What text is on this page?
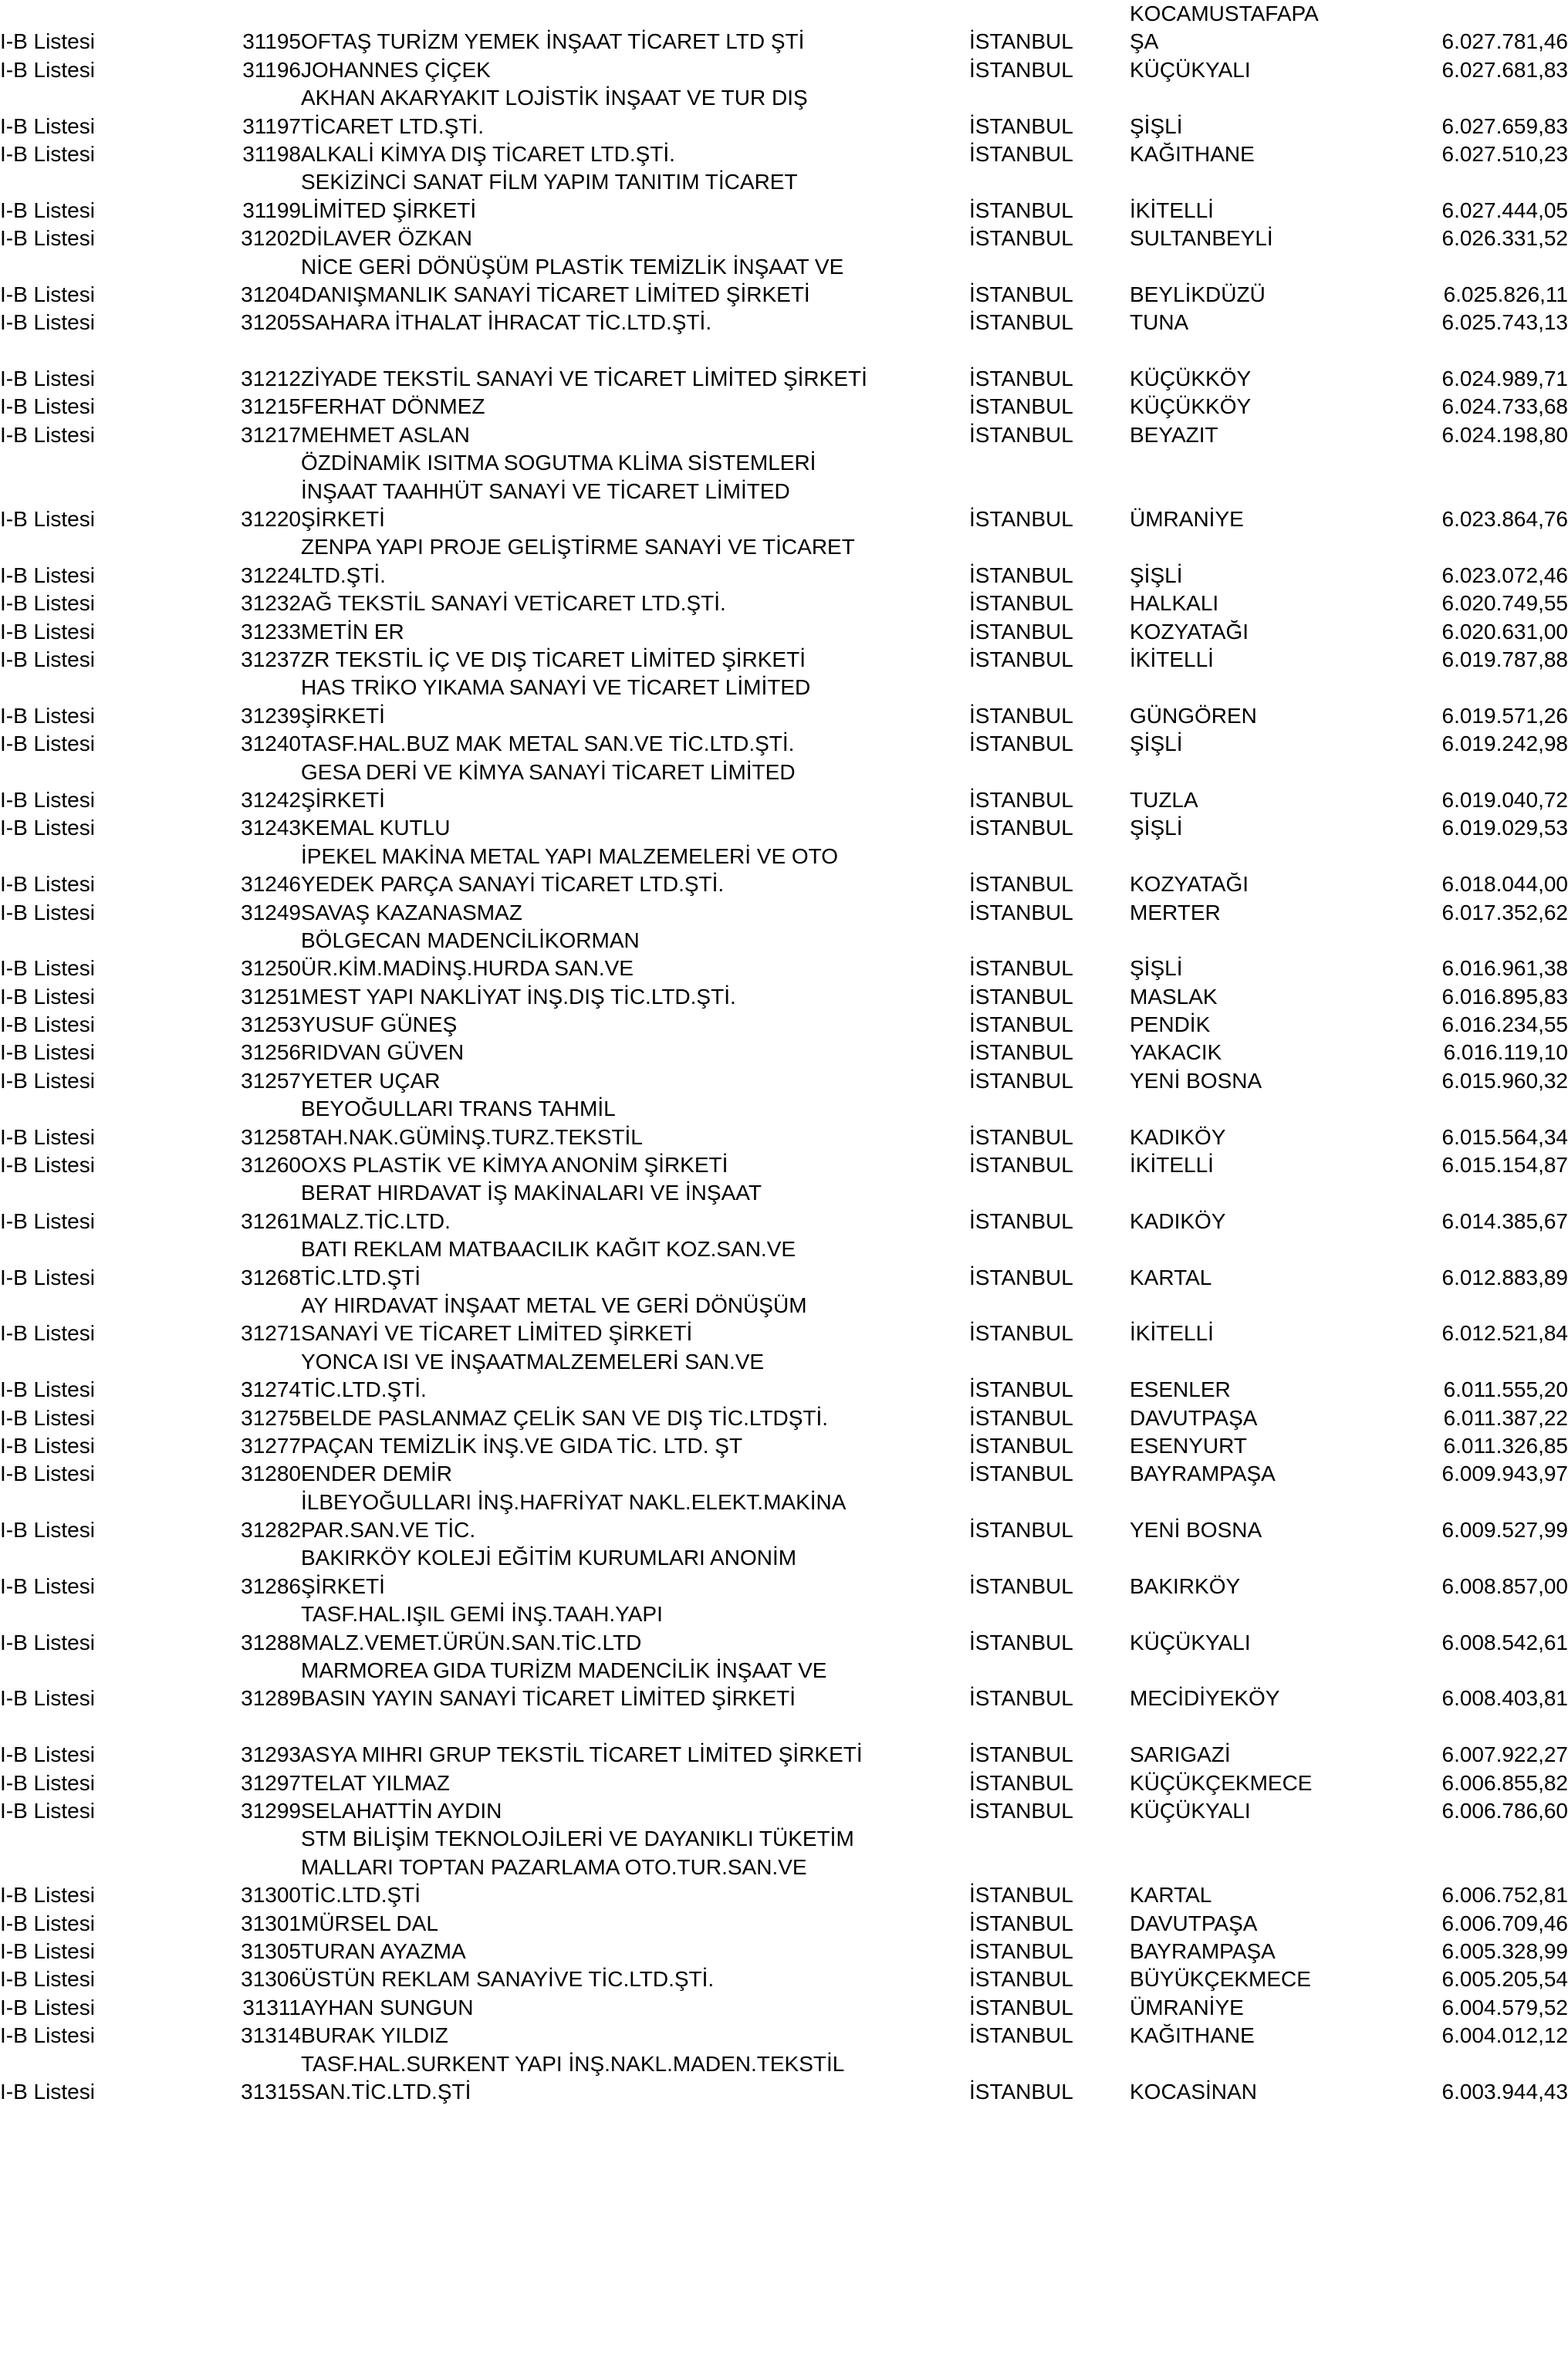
				KOCAMUSTAFAPA	
I-B Listesi	31195	OFTAŞ TURİZM YEMEK İNŞAAT TİCARET LTD ŞTİ	İSTANBUL	ŞA	6.027.781,46
I-B Listesi	31196	JOHANNES ÇİÇEK	İSTANBUL	KÜÇÜKYALI	6.027.681,83
		AKHAN AKARYAKIT LOJİSTİK İNŞAAT VE TUR DIŞ			
I-B Listesi	31197	TİCARET LTD.ŞTİ.	İSTANBUL	ŞİŞLİ	6.027.659,83
I-B Listesi	31198	ALKALİ KİMYA DIŞ TİCARET LTD.ŞTİ.	İSTANBUL	KAĞITHANE	6.027.510,23
		SEKİZİNCİ SANAT FİLM YAPIM TANITIM TİCARET			
I-B Listesi	31199	LİMİTED ŞİRKETİ	İSTANBUL	İKİTELLİ	6.027.444,05
I-B Listesi	31202	DİLAVER ÖZKAN	İSTANBUL	SULTANBEYLİ	6.026.331,52
		NİCE GERİ DÖNÜŞÜM PLASTİK TEMİZLİK İNŞAAT VE			
I-B Listesi	31204	DANIŞMANLIK SANAYİ TİCARET LİMİTED ŞİRKETİ	İSTANBUL	BEYLİKDÜZÜ	6.025.826,11
I-B Listesi	31205	SAHARA İTHALAT İHRACAT TİC.LTD.ŞTİ.	İSTANBUL	TUNA	6.025.743,13

I-B Listesi	31212	ZİYADE TEKSTİL SANAYİ VE TİCARET LİMİTED ŞİRKETİ	İSTANBUL	KÜÇÜKKÖY	6.024.989,71
I-B Listesi	31215	FERHAT DÖNMEZ	İSTANBUL	KÜÇÜKKÖY	6.024.733,68
I-B Listesi	31217	MEHMET ASLAN	İSTANBUL	BEYAZIT	6.024.198,80
		ÖZDİNAMİK ISITMA SOGUTMA KLİMA SİSTEMLERİ			
		İNŞAAT TAAHHÜT SANAYİ VE TİCARET LİMİTED			
I-B Listesi	31220	ŞİRKETİ	İSTANBUL	ÜMRANİYE	6.023.864,76
		ZENPA YAPI PROJE GELİŞTİRME SANAYİ VE TİCARET			
I-B Listesi	31224	LTD.ŞTİ.	İSTANBUL	ŞİŞLİ	6.023.072,46
I-B Listesi	31232	AĞ TEKSTİL SANAYİ VETİCARET LTD.ŞTİ.	İSTANBUL	HALKALI	6.020.749,55
I-B Listesi	31233	METİN ER	İSTANBUL	KOZYATAĞI	6.020.631,00
I-B Listesi	31237	ZR TEKSTİL İÇ VE DIŞ TİCARET LİMİTED ŞİRKETİ	İSTANBUL	İKİTELLİ	6.019.787,88
		HAS TRİKO YIKAMA SANAYİ VE TİCARET LİMİTED			
I-B Listesi	31239	ŞİRKETİ	İSTANBUL	GÜNGÖREN	6.019.571,26
I-B Listesi	31240	TASF.HAL.BUZ MAK METAL SAN.VE TİC.LTD.ŞTİ.	İSTANBUL	ŞİŞLİ	6.019.242,98
		GESA DERİ VE KİMYA SANAYİ TİCARET LİMİTED			
I-B Listesi	31242	ŞİRKETİ	İSTANBUL	TUZLA	6.019.040,72
I-B Listesi	31243	KEMAL KUTLU	İSTANBUL	ŞİŞLİ	6.019.029,53
		İPEKEL MAKİNA METAL YAPI MALZEMELERİ VE OTO			
I-B Listesi	31246	YEDEK PARÇA SANAYİ TİCARET LTD.ŞTİ.	İSTANBUL	KOZYATAĞI	6.018.044,00
I-B Listesi	31249	SAVAŞ KAZANASMAZ	İSTANBUL	MERTER	6.017.352,62
		BÖLGECAN MADENCİLİKORMAN			
I-B Listesi	31250	ÜR.KİM.MADİNŞ.HURDA SAN.VE	İSTANBUL	ŞİŞLİ	6.016.961,38
I-B Listesi	31251	MEST YAPI NAKLİYAT İNŞ.DIŞ TİC.LTD.ŞTİ.	İSTANBUL	MASLAK	6.016.895,83
I-B Listesi	31253	YUSUF GÜNEŞ	İSTANBUL	PENDİK	6.016.234,55
I-B Listesi	31256	RIDVAN GÜVEN	İSTANBUL	YAKACIK	6.016.119,10
I-B Listesi	31257	YETER UÇAR	İSTANBUL	YENİ BOSNA	6.015.960,32
		BEYOĞULLARI TRANS TAHMİL			
I-B Listesi	31258	TAH.NAK.GÜMİNŞ.TURZ.TEKSTİL	İSTANBUL	KADIKÖY	6.015.564,34
I-B Listesi	31260	OXS PLASTİK VE KİMYA ANONİM ŞİRKETİ	İSTANBUL	İKİTELLİ	6.015.154,87
		BERAT HIRDAVAT İŞ MAKİNALARI VE İNŞAAT			
I-B Listesi	31261	MALZ.TİC.LTD.	İSTANBUL	KADIKÖY	6.014.385,67
		BATI REKLAM MATBAACILIK KAĞIT KOZ.SAN.VE			
I-B Listesi	31268	TİC.LTD.ŞTİ	İSTANBUL	KARTAL	6.012.883,89
		AY HIRDAVAT İNŞAAT METAL VE GERİ DÖNÜŞÜM			
I-B Listesi	31271	SANAYİ VE TİCARET LİMİTED ŞİRKETİ	İSTANBUL	İKİTELLİ	6.012.521,84
		YONCA ISI VE İNŞAATMALZEMELERİ SAN.VE			
I-B Listesi	31274	TİC.LTD.ŞTİ.	İSTANBUL	ESENLER	6.011.555,20
I-B Listesi	31275	BELDE PASLANMAZ ÇELİK SAN VE DIŞ TİC.LTDŞTİ.	İSTANBUL	DAVUTPAŞA	6.011.387,22
I-B Listesi	31277	PAÇAN TEMİZLİK İNŞ.VE GIDA TİC. LTD. ŞT	İSTANBUL	ESENYURT	6.011.326,85
I-B Listesi	31280	ENDER DEMİR	İSTANBUL	BAYRAMPAŞA	6.009.943,97
		İLBEYOĞULLARI İNŞ.HAFRİYAT NAKL.ELEKT.MAKİNA			
I-B Listesi	31282	PAR.SAN.VE TİC.	İSTANBUL	YENİ BOSNA	6.009.527,99
		BAKIRKÖY KOLEJİ EĞİTİM KURUMLARI ANONİM			
I-B Listesi	31286	ŞİRKETİ	İSTANBUL	BAKIRKÖY	6.008.857,00
		TASF.HAL.IŞIL GEMİ İNŞ.TAAH.YAPI			
I-B Listesi	31288	MALZ.VEMET.ÜRÜN.SAN.TİC.LTD	İSTANBUL	KÜÇÜKYALI	6.008.542,61
		MARMOREA GIDA TURİZM MADENCİLİK İNŞAAT VE			
I-B Listesi	31289	BASIN YAYIN SANAYİ TİCARET LİMİTED ŞİRKETİ	İSTANBUL	MECİDİYEKÖY	6.008.403,81

I-B Listesi	31293	ASYA MIHRI GRUP TEKSTİL TİCARET LİMİTED ŞİRKETİ	İSTANBUL	SARIGAZİ	6.007.922,27
I-B Listesi	31297	TELAT YILMAZ	İSTANBUL	KÜÇÜKÇEKMECE	6.006.855,82
I-B Listesi	31299	SELAHATTİN AYDIN	İSTANBUL	KÜÇÜKYALI	6.006.786,60
		STM BİLİŞİM TEKNOLOJİLERİ VE DAYANIKLI TÜKETİM			
		MALLARI TOPTAN PAZARLAMA OTO.TUR.SAN.VE			
I-B Listesi	31300	TİC.LTD.ŞTİ	İSTANBUL	KARTAL	6.006.752,81
I-B Listesi	31301	MÜRSEL DAL	İSTANBUL	DAVUTPAŞA	6.006.709,46
I-B Listesi	31305	TURAN AYAZMA	İSTANBUL	BAYRAMPAŞA	6.005.328,99
I-B Listesi	31306	ÜSTÜN REKLAM SANAYİVE TİC.LTD.ŞTİ.	İSTANBUL	BÜYÜKÇEKMECE	6.005.205,54
I-B Listesi	31311	AYHAN SUNGUN	İSTANBUL	ÜMRANİYE	6.004.579,52
I-B Listesi	31314	BURAK YILDIZ	İSTANBUL	KAĞITHANE	6.004.012,12
		TASF.HAL.SURKENT YAPI İNŞ.NAKL.MADEN.TEKSTİL			
I-B Listesi	31315	SAN.TİC.LTD.ŞTİ	İSTANBUL	KOCASİNAN	6.003.944,43
